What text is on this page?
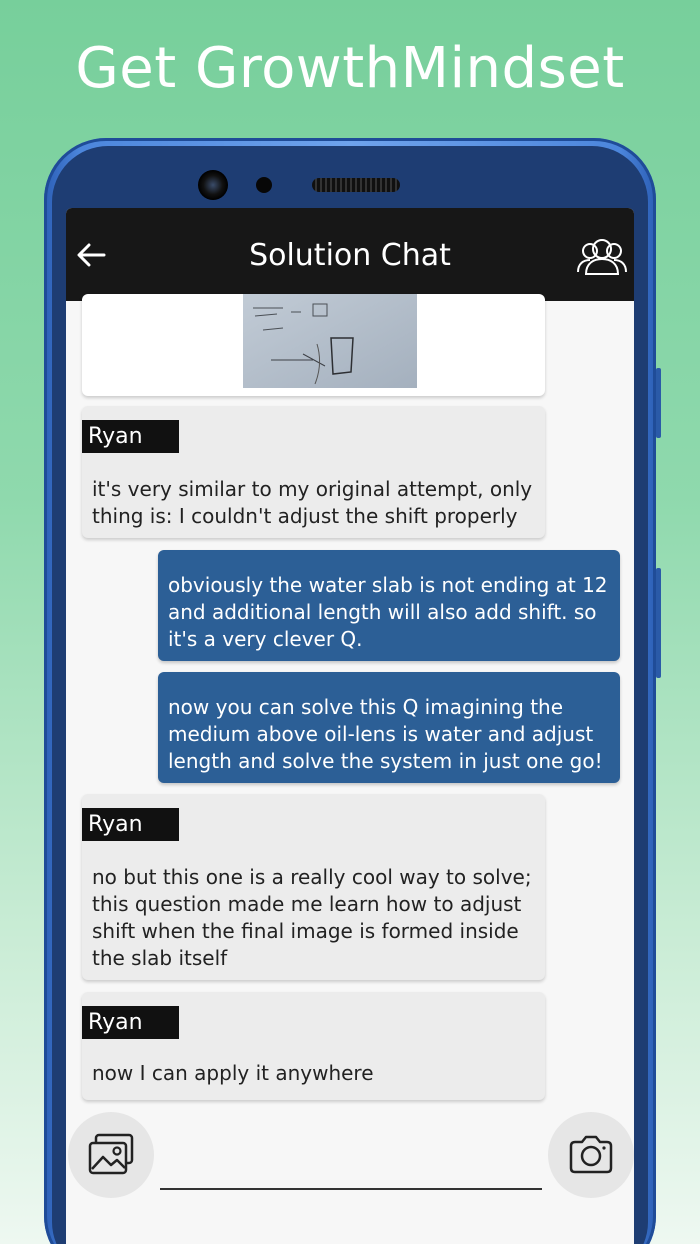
Get GrowthMindset
Solution Chat
Ryan
it's very similar to my original attempt, only thing is: I couldn't adjust the shift properly
obviously the water slab is not ending at 12 and additional length will also add shift. so it's a very clever Q.
now you can solve this Q imagining the medium above oil-lens is water and adjust length and solve the system in just one go!
Ryan
no but this one is a really cool way to solve; this question made me learn how to adjust shift when the final image is formed inside the slab itself
Ryan
now I can apply it anywhere
